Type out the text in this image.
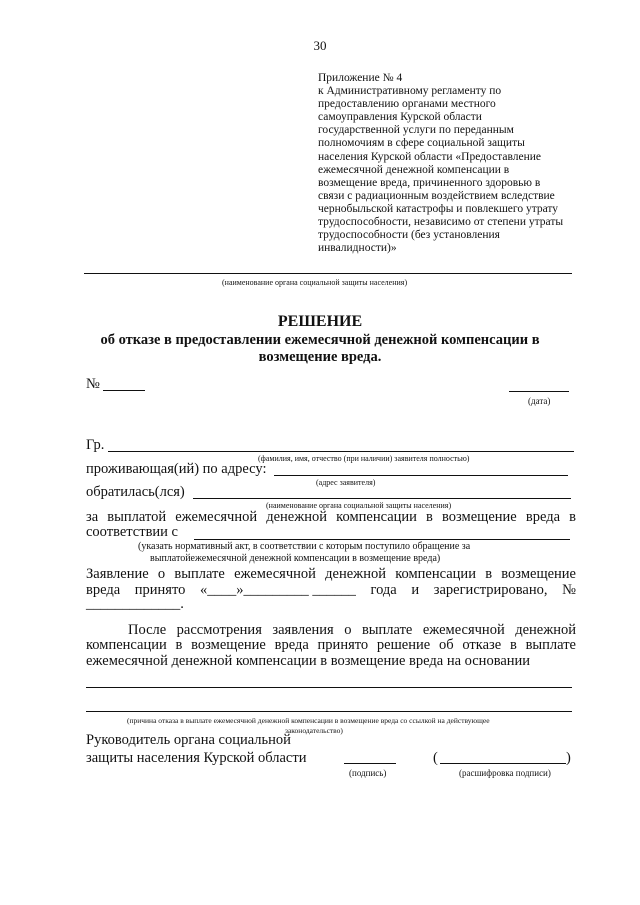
30
Приложение № 4
к Административному регламенту по
предоставлению органами местного
самоуправления Курской области
государственной услуги по переданным
полномочиям в сфере социальной защиты
населения Курской области «Предоставление
ежемесячной денежной компенсации в
возмещение вреда, причиненного здоровью в
связи с радиационным воздействием вследствие
чернобыльской катастрофы и повлекшего утрату
трудоспособности, независимо от степени утраты
трудоспособности (без установления
инвалидности)»
(наименование органа социальной защиты населения)
РЕШЕНИЕ
об отказе в предоставлении ежемесячной денежной компенсации в
возмещение вреда.
№
(дата)
Гр.
(фамилия, имя, отчество (при наличии) заявителя полностью)
проживающая(ий) по адресу:
(адрес заявителя)
обратилась(лся)
(наименование органа социальной защиты населения)
за выплатой ежемесячной денежной компенсации в возмещение вреда в
соответствии с
(указать нормативный акт, в соответствии с которым поступило обращение за
выплатойежемесячной денежной компенсации в возмещение вреда)
Заявление о выплате ежемесячной денежной компенсации в возмещение
вреда принято «____»_________ ______ года и зарегистрировано, №
_____________.
После рассмотрения заявления о выплате ежемесячной денежной
компенсации в возмещение вреда принято решение об отказе в выплате
ежемесячной денежной компенсации в возмещение вреда на основании
(причина отказа в выплате ежемесячной денежной компенсации в возмещение вреда со ссылкой на действующее
законодательство)
Руководитель органа социальной
защиты населения Курской области
(подпись)
(	)
(расшифровка подписи)
